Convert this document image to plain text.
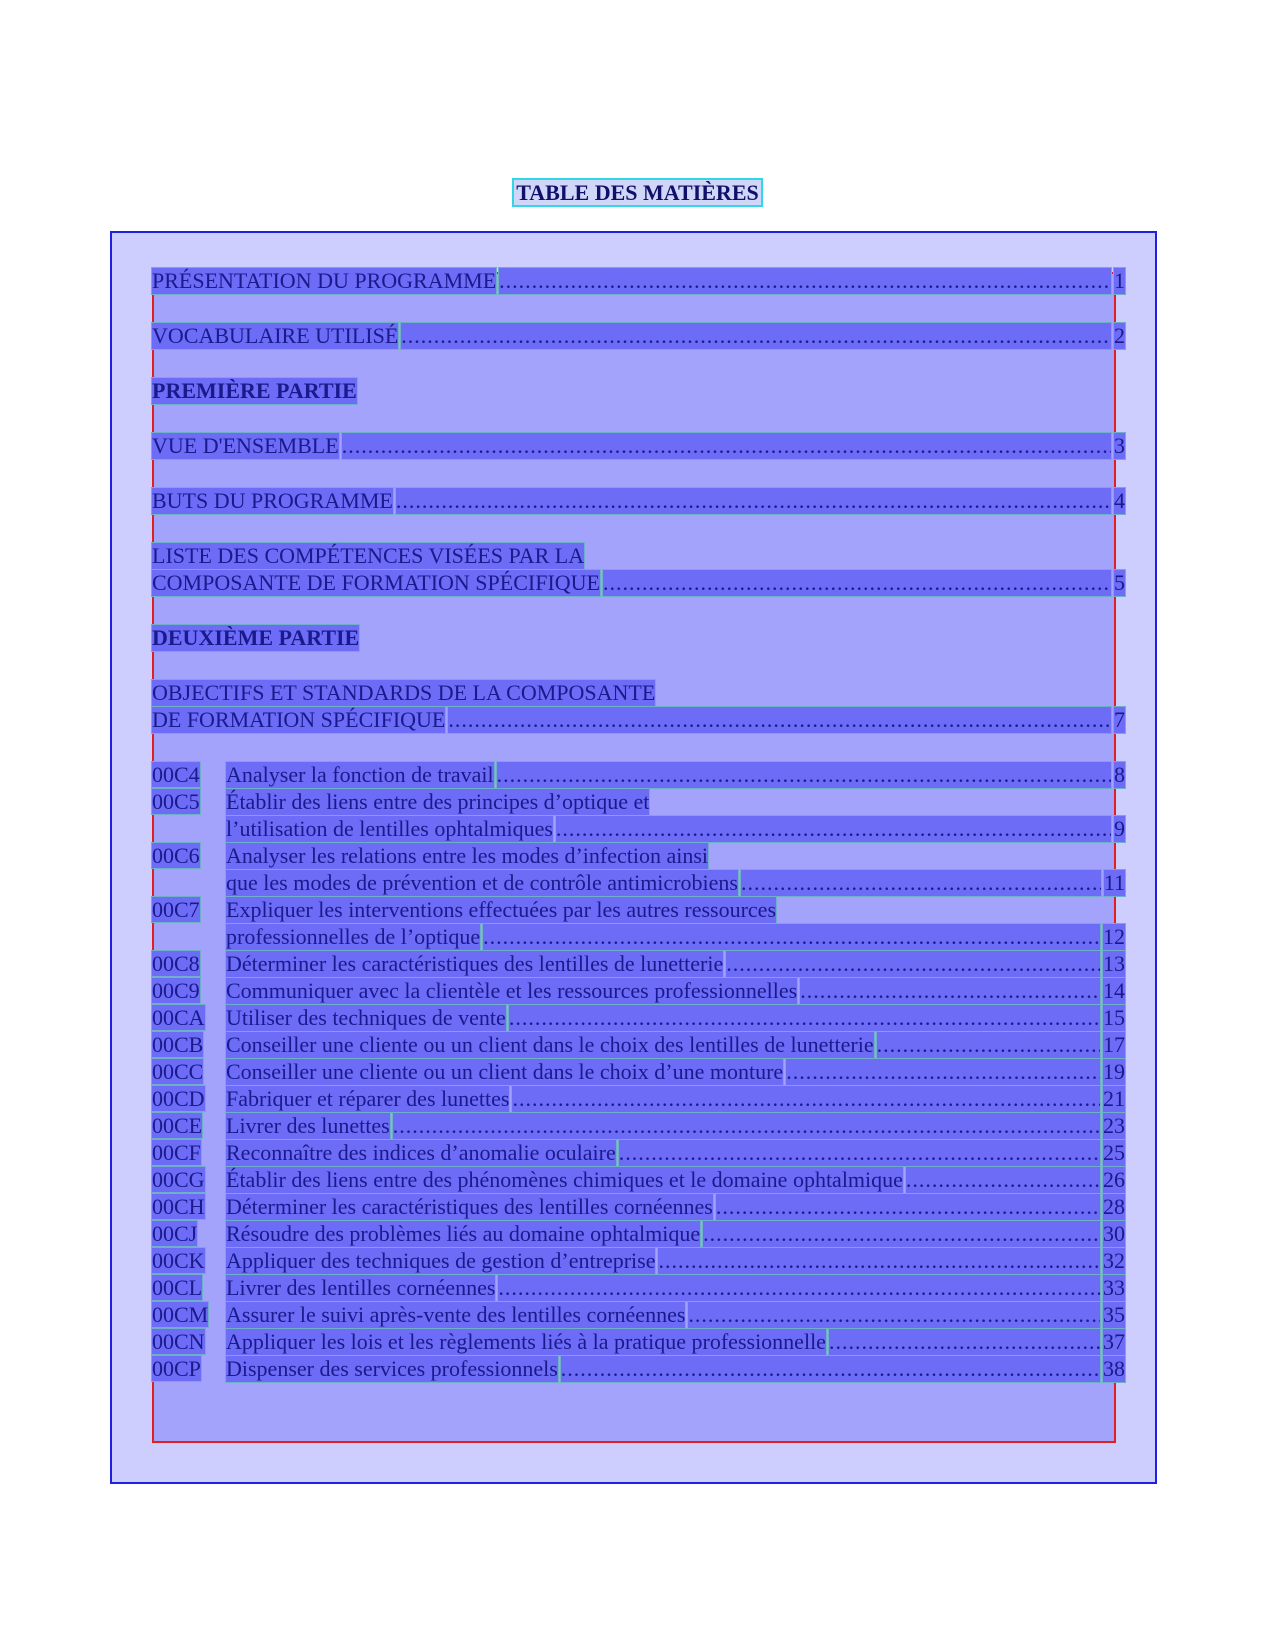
TABLE DES MATIÈRES
PRÉSENTATION DU PROGRAMME .....	1
VOCABULAIRE UTILISÉ .....	2
PREMIÈRE PARTIE
VUE D'ENSEMBLE .....	3
BUTS DU PROGRAMME .....	4
LISTE DES COMPÉTENCES VISÉES PAR LA
COMPOSANTE DE FORMATION SPÉCIFIQUE .....	5
DEUXIÈME PARTIE
OBJECTIFS ET STANDARDS DE LA COMPOSANTE
DE FORMATION SPÉCIFIQUE .....	7
00C4	Analyser la fonction de travail .....	8
00C5	Établir des liens entre des principes d’optique et
l’utilisation de lentilles ophtalmiques .....	9
00C6	Analyser les relations entre les modes d’infection ainsi
que les modes de prévention et de contrôle antimicrobiens .....	11
00C7	Expliquer les interventions effectuées par les autres ressources
professionnelles de l’optique .....	12
00C8	Déterminer les caractéristiques des lentilles de lunetterie .....	13
00C9	Communiquer avec la clientèle et les ressources professionnelles .....	14
00CA Utiliser des techniques de vente .....	15
00CB	Conseiller une cliente ou un client dans le choix des lentilles de lunetterie .....	17
00CC	Conseiller une cliente ou un client dans le choix d’une monture .....	19
00CD Fabriquer et réparer des lunettes .....	21
00CE	Livrer des lunettes .....	23
00CF	Reconnaître des indices d’anomalie oculaire .....	25
00CG Établir des liens entre des phénomènes chimiques et le domaine ophtalmique .....	26
00CH Déterminer les caractéristiques des lentilles cornéennes .....	28
00CJ	Résoudre des problèmes liés au domaine ophtalmique .....	30
00CK Appliquer des techniques de gestion d’entreprise .....	32
00CL	Livrer des lentilles cornéennes .....	33
00CM Assurer le suivi après-vente des lentilles cornéennes .....	35
00CN Appliquer les lois et les règlements liés à la pratique professionnelle .....	37
00CP	Dispenser des services professionnels .....	38
